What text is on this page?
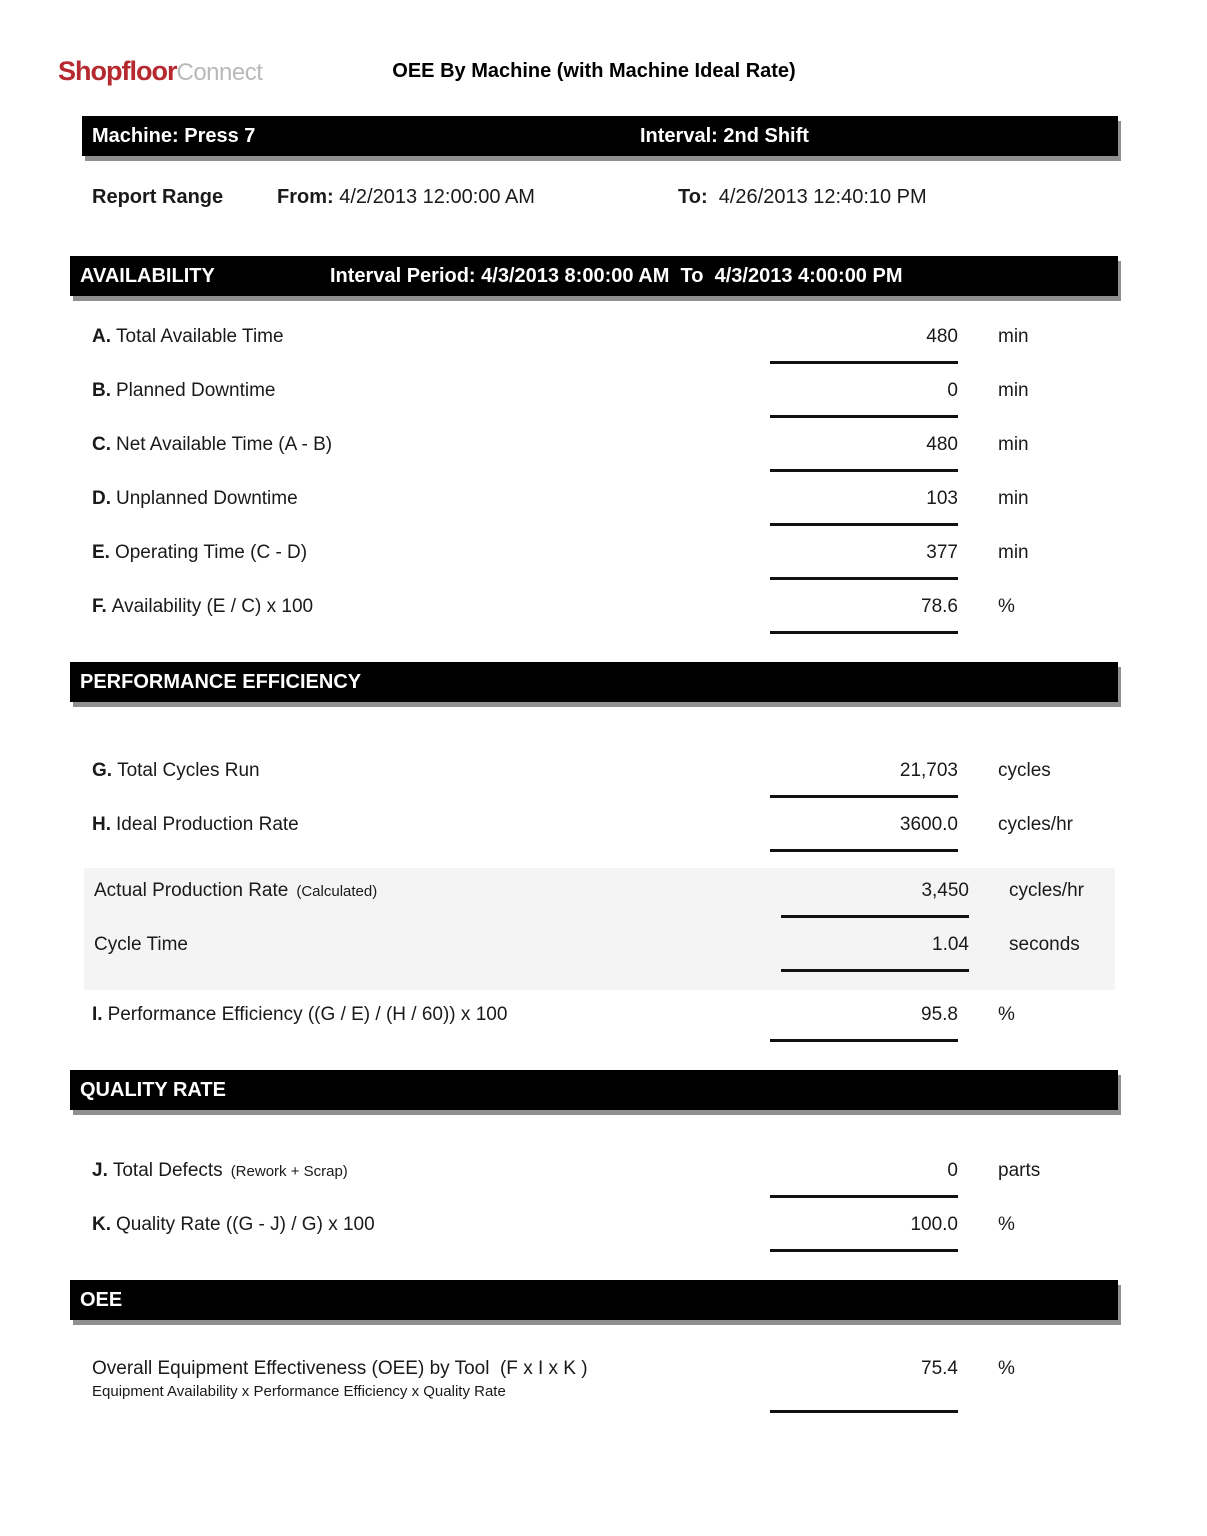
ShopfloorConnect	OEE By Machine (with Machine Ideal Rate)
Machine: Press 7	Interval: 2nd Shift
Report Range	From: 4/2/2013 12:00:00 AM	To: 4/26/2013 12:40:10 PM
AVAILABILITY	Interval Period: 4/3/2013 8:00:00 AM  To  4/3/2013 4:00:00 PM
A. Total Available Time	480	min
B. Planned Downtime	0	min
C. Net Available Time (A - B)	480	min
D. Unplanned Downtime	103	min
E. Operating Time (C - D)	377	min
F. Availability (E / C) x 100	78.6	%
PERFORMANCE EFFICIENCY
G. Total Cycles Run	21,703	cycles
H. Ideal Production Rate	3600.0	cycles/hr
Actual Production Rate (Calculated)	3,450	cycles/hr
Cycle Time	1.04	seconds
I. Performance Efficiency ((G / E) / (H / 60)) x 100	95.8	%
QUALITY RATE
J. Total Defects (Rework + Scrap)	0	parts
K. Quality Rate ((G - J) / G) x 100	100.0	%
OEE
Overall Equipment Effectiveness (OEE) by Tool  (F x I x K )
Equipment Availability x Performance Efficiency x Quality Rate
75.4	%
